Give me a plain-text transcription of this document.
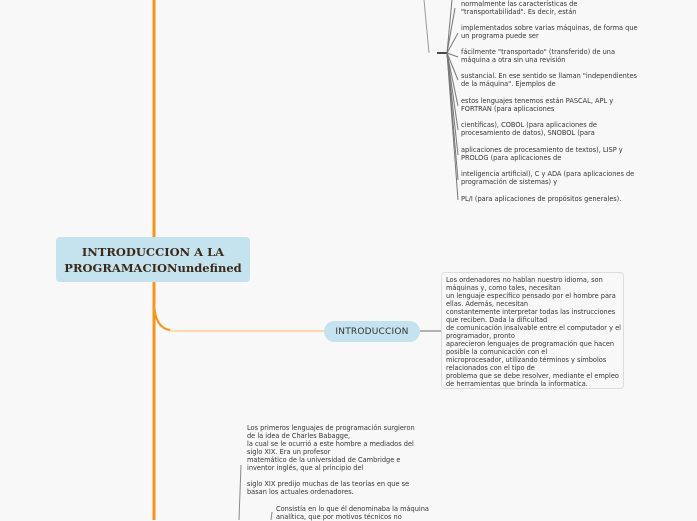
INTRODUCCION A LA
PROGRAMACIONundefined
normalmente las características de
"transportabilidad". Es decir, están
implementados sobre varias máquinas, de forma que
un programa puede ser
fácilmente "transportado" (transferido) de una
máquina a otra sin una revisión
sustancial. En ese sentido se llaman "independientes
de la máquina". Ejemplos de
estos lenguajes tenemos están PASCAL, APL y
FORTRAN (para aplicaciones
científicas), COBOL (para aplicaciones de
procesamiento de datos), SNOBOL (para
aplicaciones de procesamiento de textos), LISP y
PROLOG (para aplicaciones de
inteligencia artificial), C y ADA (para aplicaciones de
programación de sistemas) y
PL/I (para aplicaciones de propósitos generales).
INTRODUCCION
Los ordenadores no hablan nuestro idioma, son
máquinas y, como tales, necesitan
un lenguaje específico pensado por el hombre para
ellas. Además, necesitan
constantemente interpretar todas las instrucciones
que reciben. Dada la dificultad
de comunicación insalvable entre el computador y el
programador, pronto
aparecieron lenguajes de programación que hacen
posible la comunicación con el
microprocesador, utilizando términos y símbolos
relacionados con el tipo de
problema que se debe resolver, mediante el empleo
de herramientas que brinda la informatica.
Los primeros lenguajes de programación surgieron
de la idea de Charles Babagge,
la cual se le ocurrió a este hombre a mediados del
siglo XIX. Era un profesor
matemático de la universidad de Cambridge e
inventor inglés, que al principio del
siglo XIX predijo muchas de las teorías en que se
basan los actuales ordenadores.
Consistía en lo que él denominaba la máquina
analítica, que por motivos técnicos no
